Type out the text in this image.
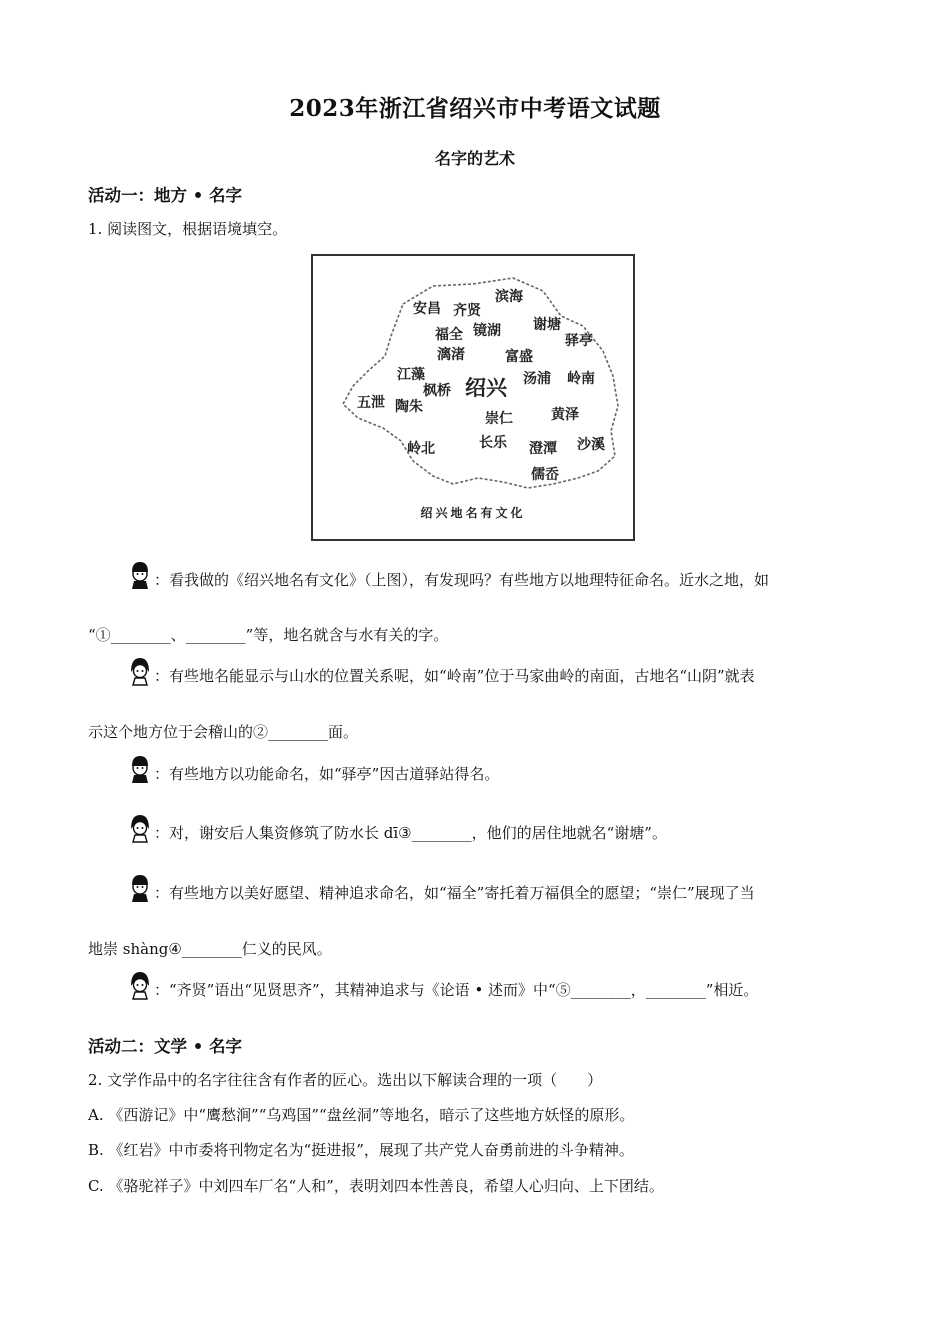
2023年浙江省绍兴市中考语文试题
名字的艺术
活动一：地方 • 名字
1. 阅读图文，根据语境填空。
安昌 齐贤
滨海
福全 镜湖 谢塘
驿亭
漓渚	富盛
江藻
绍兴 汤浦 岭南
枫桥
五泄 陶朱	黄泽
崇仁
长乐	沙溪
岭北	澄潭
儒岙
绍兴地名有文化
：看我做的《绍兴地名有文化》（上图），有发现吗？有些地方以地理特征命名。近水之地，如
“①________、________”等，地名就含与水有关的字。
：有些地名能显示与山水的位置关系呢，如“岭南”位于马家曲岭的南面，古地名“山阴”就表
示这个地方位于会稽山的②________面。
：有些地方以功能命名，如“驿亭”因古道驿站得名。
：对，谢安后人集资修筑了防水长 dī③________，他们的居住地就名“谢塘”。
：有些地方以美好愿望、精神追求命名，如“福全”寄托着万福俱全的愿望；“崇仁”展现了当
地崇 shàng④________仁义的民风。
：“齐贤”语出“见贤思齐”，其精神追求与《论语 • 述而》中“⑤________，________”相近。
活动二：文学 • 名字
2. 文学作品中的名字往往含有作者的匠心。选出以下解读合理的一项（　　）
A. 《西游记》中“鹰愁涧”“乌鸡国”“盘丝洞”等地名，暗示了这些地方妖怪的原形。
B. 《红岩》中市委将刊物定名为“挺进报”，展现了共产党人奋勇前进的斗争精神。
C. 《骆驼祥子》中刘四车厂名“人和”，表明刘四本性善良，希望人心归向、上下团结。
